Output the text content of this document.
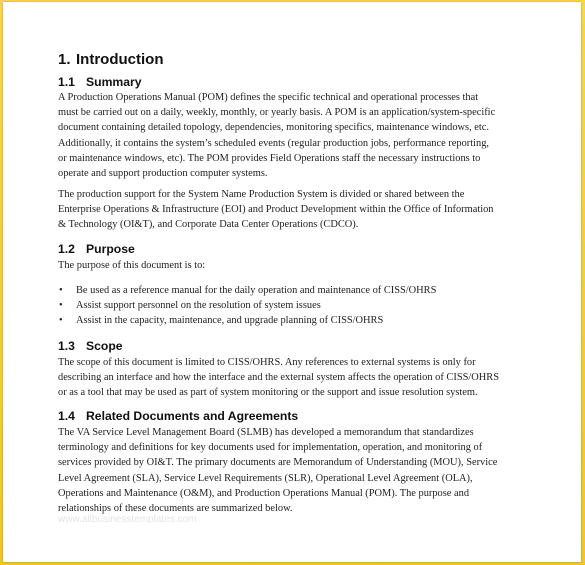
1. Introduction
1.1 Summary
A Production Operations Manual (POM) defines the specific technical and operational processes that
must be carried out on a daily, weekly, monthly, or yearly basis. A POM is an application/system-specific
document containing detailed topology, dependencies, monitoring specifics, maintenance windows, etc.
Additionally, it contains the system’s scheduled events (regular production jobs, performance reporting,
or maintenance windows, etc). The POM provides Field Operations staff the necessary instructions to
operate and support production computer systems.
The production support for the System Name Production System is divided or shared between the
Enterprise Operations & Infrastructure (EOI) and Product Development within the Office of Information
& Technology (OI&T), and Corporate Data Center Operations (CDCO).
1.2 Purpose
The purpose of this document is to:
• Be used as a reference manual for the daily operation and maintenance of CISS/OHRS
• Assist support personnel on the resolution of system issues
• Assist in the capacity, maintenance, and upgrade planning of CISS/OHRS
1.3 Scope
The scope of this document is limited to CISS/OHRS. Any references to external systems is only for
describing an interface and how the interface and the external system affects the operation of CISS/OHRS
or as a tool that may be used as part of system monitoring or the support and issue resolution system.
1.4 Related Documents and Agreements
The VA Service Level Management Board (SLMB) has developed a memorandum that standardizes
terminology and definitions for key documents used for implementation, operation, and monitoring of
services provided by OI&T. The primary documents are Memorandum of Understanding (MOU), Service
Level Agreement (SLA), Service Level Requirements (SLR), Operational Level Agreement (OLA),
Operations and Maintenance (O&M), and Production Operations Manual (POM). The purpose and
relationships of these documents are summarized below.
www.allbusinesstemplates.com
